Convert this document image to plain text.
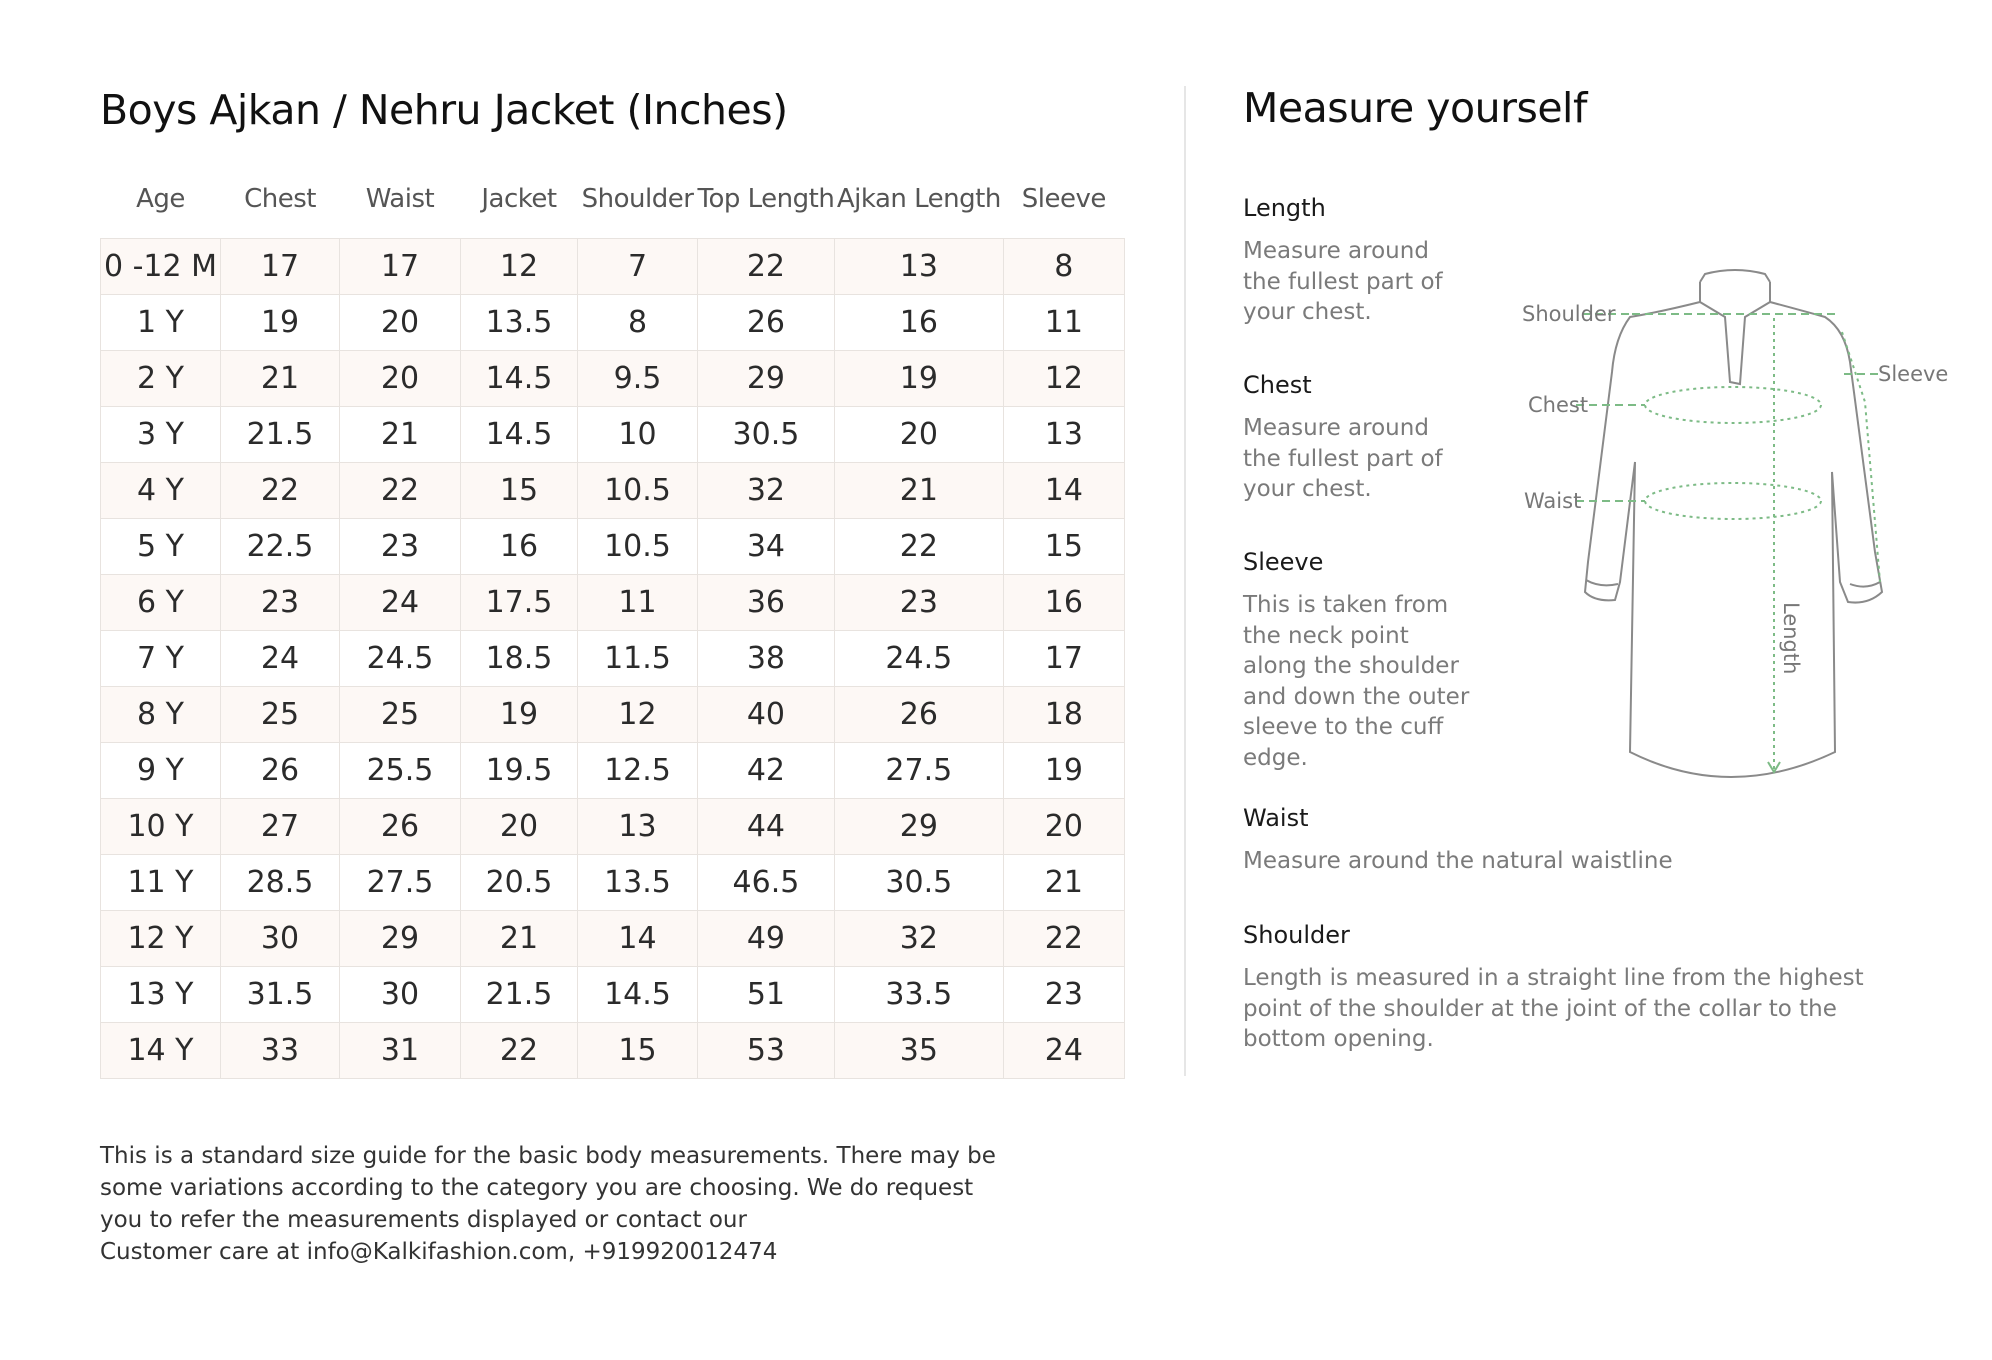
Boys Ajkan / Nehru Jacket (Inches)
Age	Chest	Waist	Jacket	Shoulder	Top Length	Ajkan Length	Sleeve
0 -12 M	17	17	12	7	22	13	8
1 Y	19	20	13.5	8	26	16	11
2 Y	21	20	14.5	9.5	29	19	12
3 Y	21.5	21	14.5	10	30.5	20	13
4 Y	22	22	15	10.5	32	21	14
5 Y	22.5	23	16	10.5	34	22	15
6 Y	23	24	17.5	11	36	23	16
7 Y	24	24.5	18.5	11.5	38	24.5	17
8 Y	25	25	19	12	40	26	18
9 Y	26	25.5	19.5	12.5	42	27.5	19
10 Y	27	26	20	13	44	29	20
11 Y	28.5	27.5	20.5	13.5	46.5	30.5	21
12 Y	30	29	21	14	49	32	22
13 Y	31.5	30	21.5	14.5	51	33.5	23
14 Y	33	31	22	15	53	35	24

This is a standard size guide for the basic body measurements. There may be
some variations according to the category you are choosing. We do request
you to refer the measurements displayed or contact our
Customer care at info@Kalkifashion.com, +919920012474

Measure yourself
Length

Measure around
the fullest part of
your chest.

Chest

Measure around
the fullest part of
your chest.

Sleeve

This is taken from
the neck point
along the shoulder
and down the outer
sleeve to the cuff
edge.

Waist

Measure around the natural waistline

Shoulder

Length is measured in a straight line from the highest
point of the shoulder at the joint of the collar to the
bottom opening.

Shoulder
Chest
Waist
Sleeve
Length
